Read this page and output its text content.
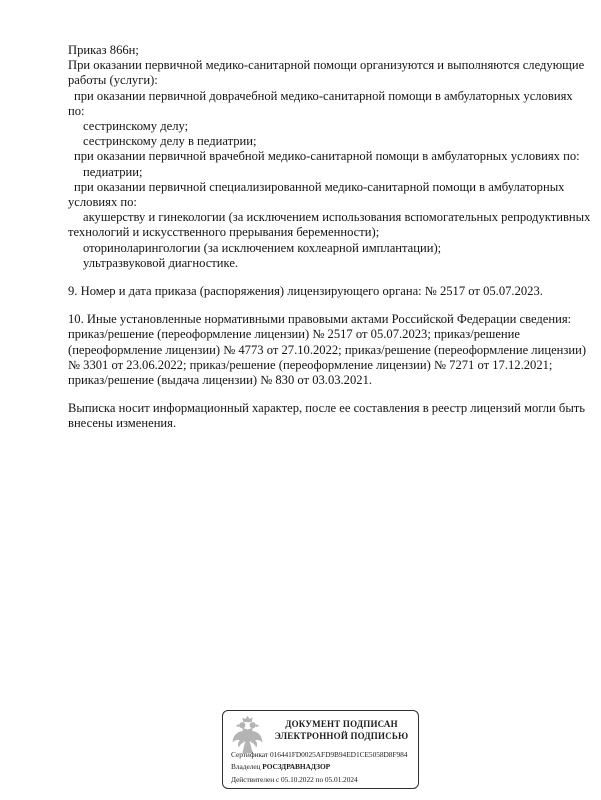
Приказ 866н;
При оказании первичной медико-санитарной помощи организуются и выполняются следующие
работы (услуги):
при оказании первичной доврачебной медико-санитарной помощи в амбулаторных условиях
по:
сестринскому делу;
сестринскому делу в педиатрии;
при оказании первичной врачебной медико-санитарной помощи в амбулаторных условиях по:
педиатрии;
при оказании первичной специализированной медико-санитарной помощи в амбулаторных
условиях по:
акушерству и гинекологии (за исключением использования вспомогательных репродуктивных
технологий и искусственного прерывания беременности);
оториноларингологии (за исключением кохлеарной имплантации);
ультразвуковой диагностике.
9. Номер и дата приказа (распоряжения) лицензирующего органа: № 2517 от 05.07.2023.
10. Иные установленные нормативными правовыми актами Российской Федерации сведения:
приказ/решение (переоформление лицензии) № 2517 от 05.07.2023; приказ/решение
(переоформление лицензии) № 4773 от 27.10.2022; приказ/решение (переоформление лицензии)
№ 3301 от 23.06.2022; приказ/решение (переоформление лицензии) № 7271 от 17.12.2021;
приказ/решение (выдача лицензии) № 830 от 03.03.2021.
Выписка носит информационный характер, после ее составления в реестр лицензий могли быть
внесены изменения.
ДОКУМЕНТ ПОДПИСАН
ЭЛЕКТРОННОЙ ПОДПИСЬЮ
Сертификат 016441FD0025AFD9B94ED1CE5058D8F984
Владелец РОСЗДРАВНАДЗОР
Действителен с 05.10.2022 по 05.01.2024
